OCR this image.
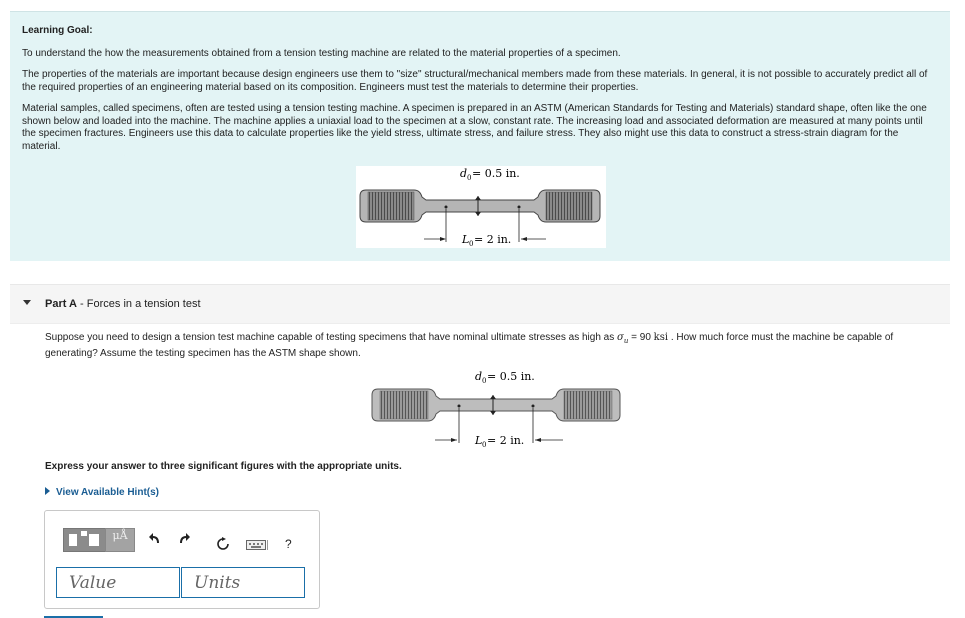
Learning Goal:

To understand the how the measurements obtained from a tension testing machine are related to the material properties of a specimen.

The properties of the materials are important because design engineers use them to "size" structural/mechanical members made from these materials. In general, it is not possible to accurately predict all of the required properties of an engineering material based on its composition. Engineers must test the materials to determine their properties.

Material samples, called specimens, often are tested using a tension testing machine. A specimen is prepared in an ASTM (American Standards for Testing and Materials) standard shape, often like the one shown below and loaded into the machine. The machine applies a uniaxial load to the specimen at a slow, constant rate. The increasing load and associated deformation are measured at many points until the specimen fractures. Engineers use this data to calculate properties like the yield stress, ultimate stress, and failure stress. They also might use this data to construct a stress-strain diagram for the material.

d 0 = 0.5 in.
L 0 = 2 in.
Part A - Forces in a tension test
Suppose you need to design a tension test machine capable of testing specimens that have nominal ultimate stresses as high as $\sigma_u = 90$ ksi . How much force must the machine be capable of generating? Assume the testing specimen has the ASTM shape shown.
d 0 = 0.5 in.
L 0 = 2 in.
Express your answer to three significant figures with the appropriate units.
View Available Hint(s)
μÅ
?
Value	Units
